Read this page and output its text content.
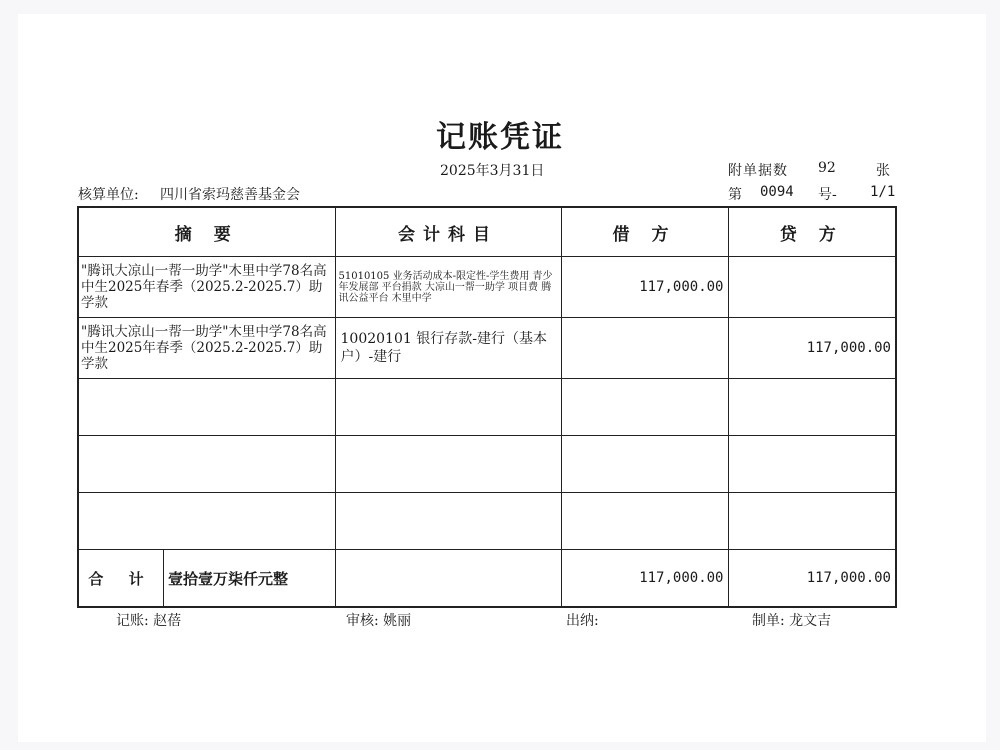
记账凭证
2025年3月31日	附单据数 92	张
核算单位: 四川省索玛慈善基金会	第 0094 号- 1/1
摘 要	会计科目	借 方	贷 方
"腾讯大凉山一帮一助学"木里中学78名高中生2025年春季（2025.2-2025.7）助学款	51010105 业务活动成本-限定性-学生费用 青少年发展部 平台捐款 大凉山一帮一助学 项目费 腾讯公益平台 木里中学	117,000.00	
"腾讯大凉山一帮一助学"木里中学78名高中生2025年春季（2025.2-2025.7）助学款	10020101 银行存款-建行（基本户）-建行		117,000.00

合 计 壹拾壹万柒仟元整		117,000.00	117,000.00
记账: 赵蓓	审核: 姚丽	出纳:	制单: 龙文吉
